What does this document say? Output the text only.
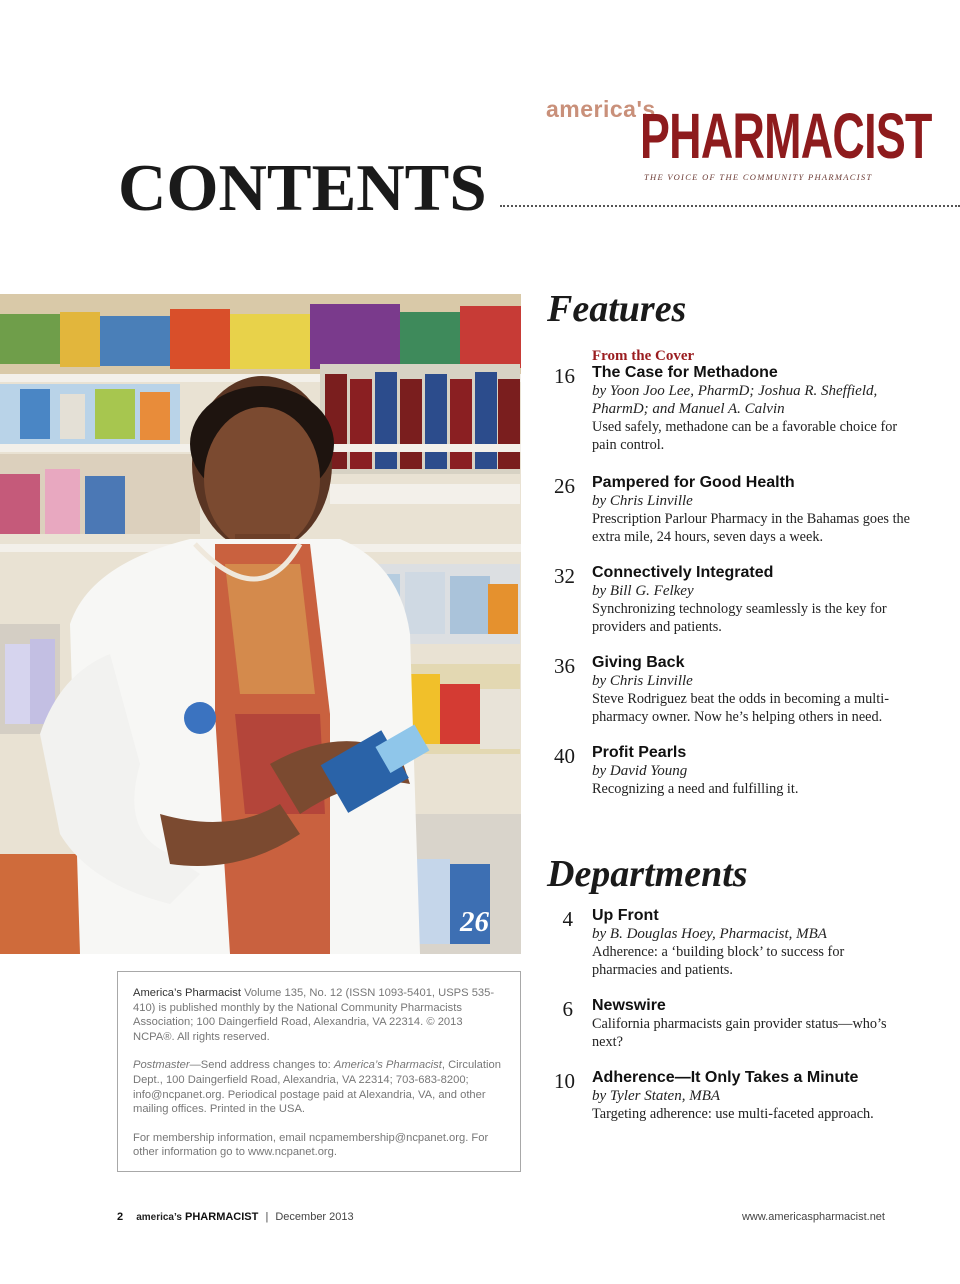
america's
PHARMACIST
THE VOICE OF THE COMMUNITY PHARMACIST
CONTENTS
26

America’s Pharmacist Volume 135, No. 12 (ISSN 1093-5401, USPS 535-410) is published monthly by the National Community Pharmacists Association; 100 Daingerfield Road, Alexandria, VA 22314. © 2013 NCPA®. All rights reserved.

Postmaster—Send address changes to: America’s Pharmacist, Circulation Dept., 100 Daingerfield Road, Alexandria, VA 22314; 703-683-8200; info@ncpanet.org. Periodical postage paid at Alexandria, VA, and other mailing offices. Printed in the USA.

For membership information, email ncpamembership@ncpanet.org. For other information go to www.ncpanet.org.

Features
16
From the Cover
The Case for Methadone
by Yoon Joo Lee, PharmD; Joshua R. Sheffield, PharmD; and Manuel A. Calvin
Used safely, methadone can be a favorable choice for pain control.
26 Pampered for Good Health
by Chris Linville
Prescription Parlour Pharmacy in the Bahamas goes the extra mile, 24 hours, seven days a week.
32 Connectively Integrated
by Bill G. Felkey
Synchronizing technology seamlessly is the key for providers and patients.
36 Giving Back
by Chris Linville
Steve Rodriguez beat the odds in becoming a multi-pharmacy owner. Now he’s helping others in need.
40 Profit Pearls
by David Young
Recognizing a need and fulfilling it.
Departments
4 Up Front
by B. Douglas Hoey, Pharmacist, MBA
Adherence: a ‘building block’ to success for pharmacies and patients.
6 Newswire
California pharmacists gain provider status—who’s next?
10 Adherence—It Only Takes a Minute
by Tyler Staten, MBA
Targeting adherence: use multi-faceted approach.
2 america’s PHARMACIST | December 2013	www.americaspharmacist.net
